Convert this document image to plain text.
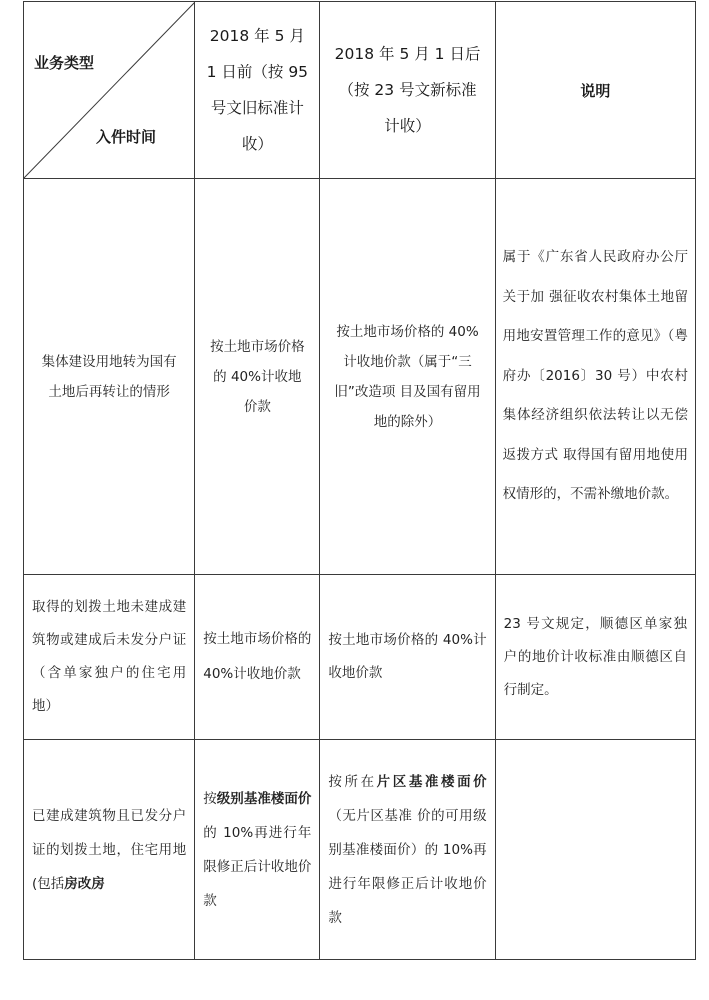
业务类型
入件时间	2018 年 5 月 1 日前（按 95 号文旧标准计收）	2018 年 5 月 1 日后（按 23 号文新标准计收）	说明
集体建设用地转为国有土地后再转让的情形	按土地市场价格的 40%计收地价款	按土地市场价格的 40%计收地价款（属于“三旧”改造项 目及国有留用地的除外）	属于《广东省人民政府办公厅关于加 强征收农村集体土地留用地安置管理工作的意见》（粤府办〔2016〕30 号）中农村集体经济组织依法转让以无偿返拨方式 取得国有留用地使用权情形的，不需补缴地价款。
取得的划拨土地未建成建筑物或建成后未发分户证 （含单家独户的住宅用地）	按土地市场价格的 40%计收地价款	按土地市场价格的 40%计收地价款	23 号文规定，顺德区单家独户的地价计收标准由顺德区自行制定。
已建成建筑物且已发分户证的划拨土地，住宅用地(包括房改房	按级别基准楼面价的 10%再进行年限修正后计收地价款	按所在片区基准楼面价（无片区基准 价的可用级别基准楼面价）的 10%再进行年限修正后计收地价款	
